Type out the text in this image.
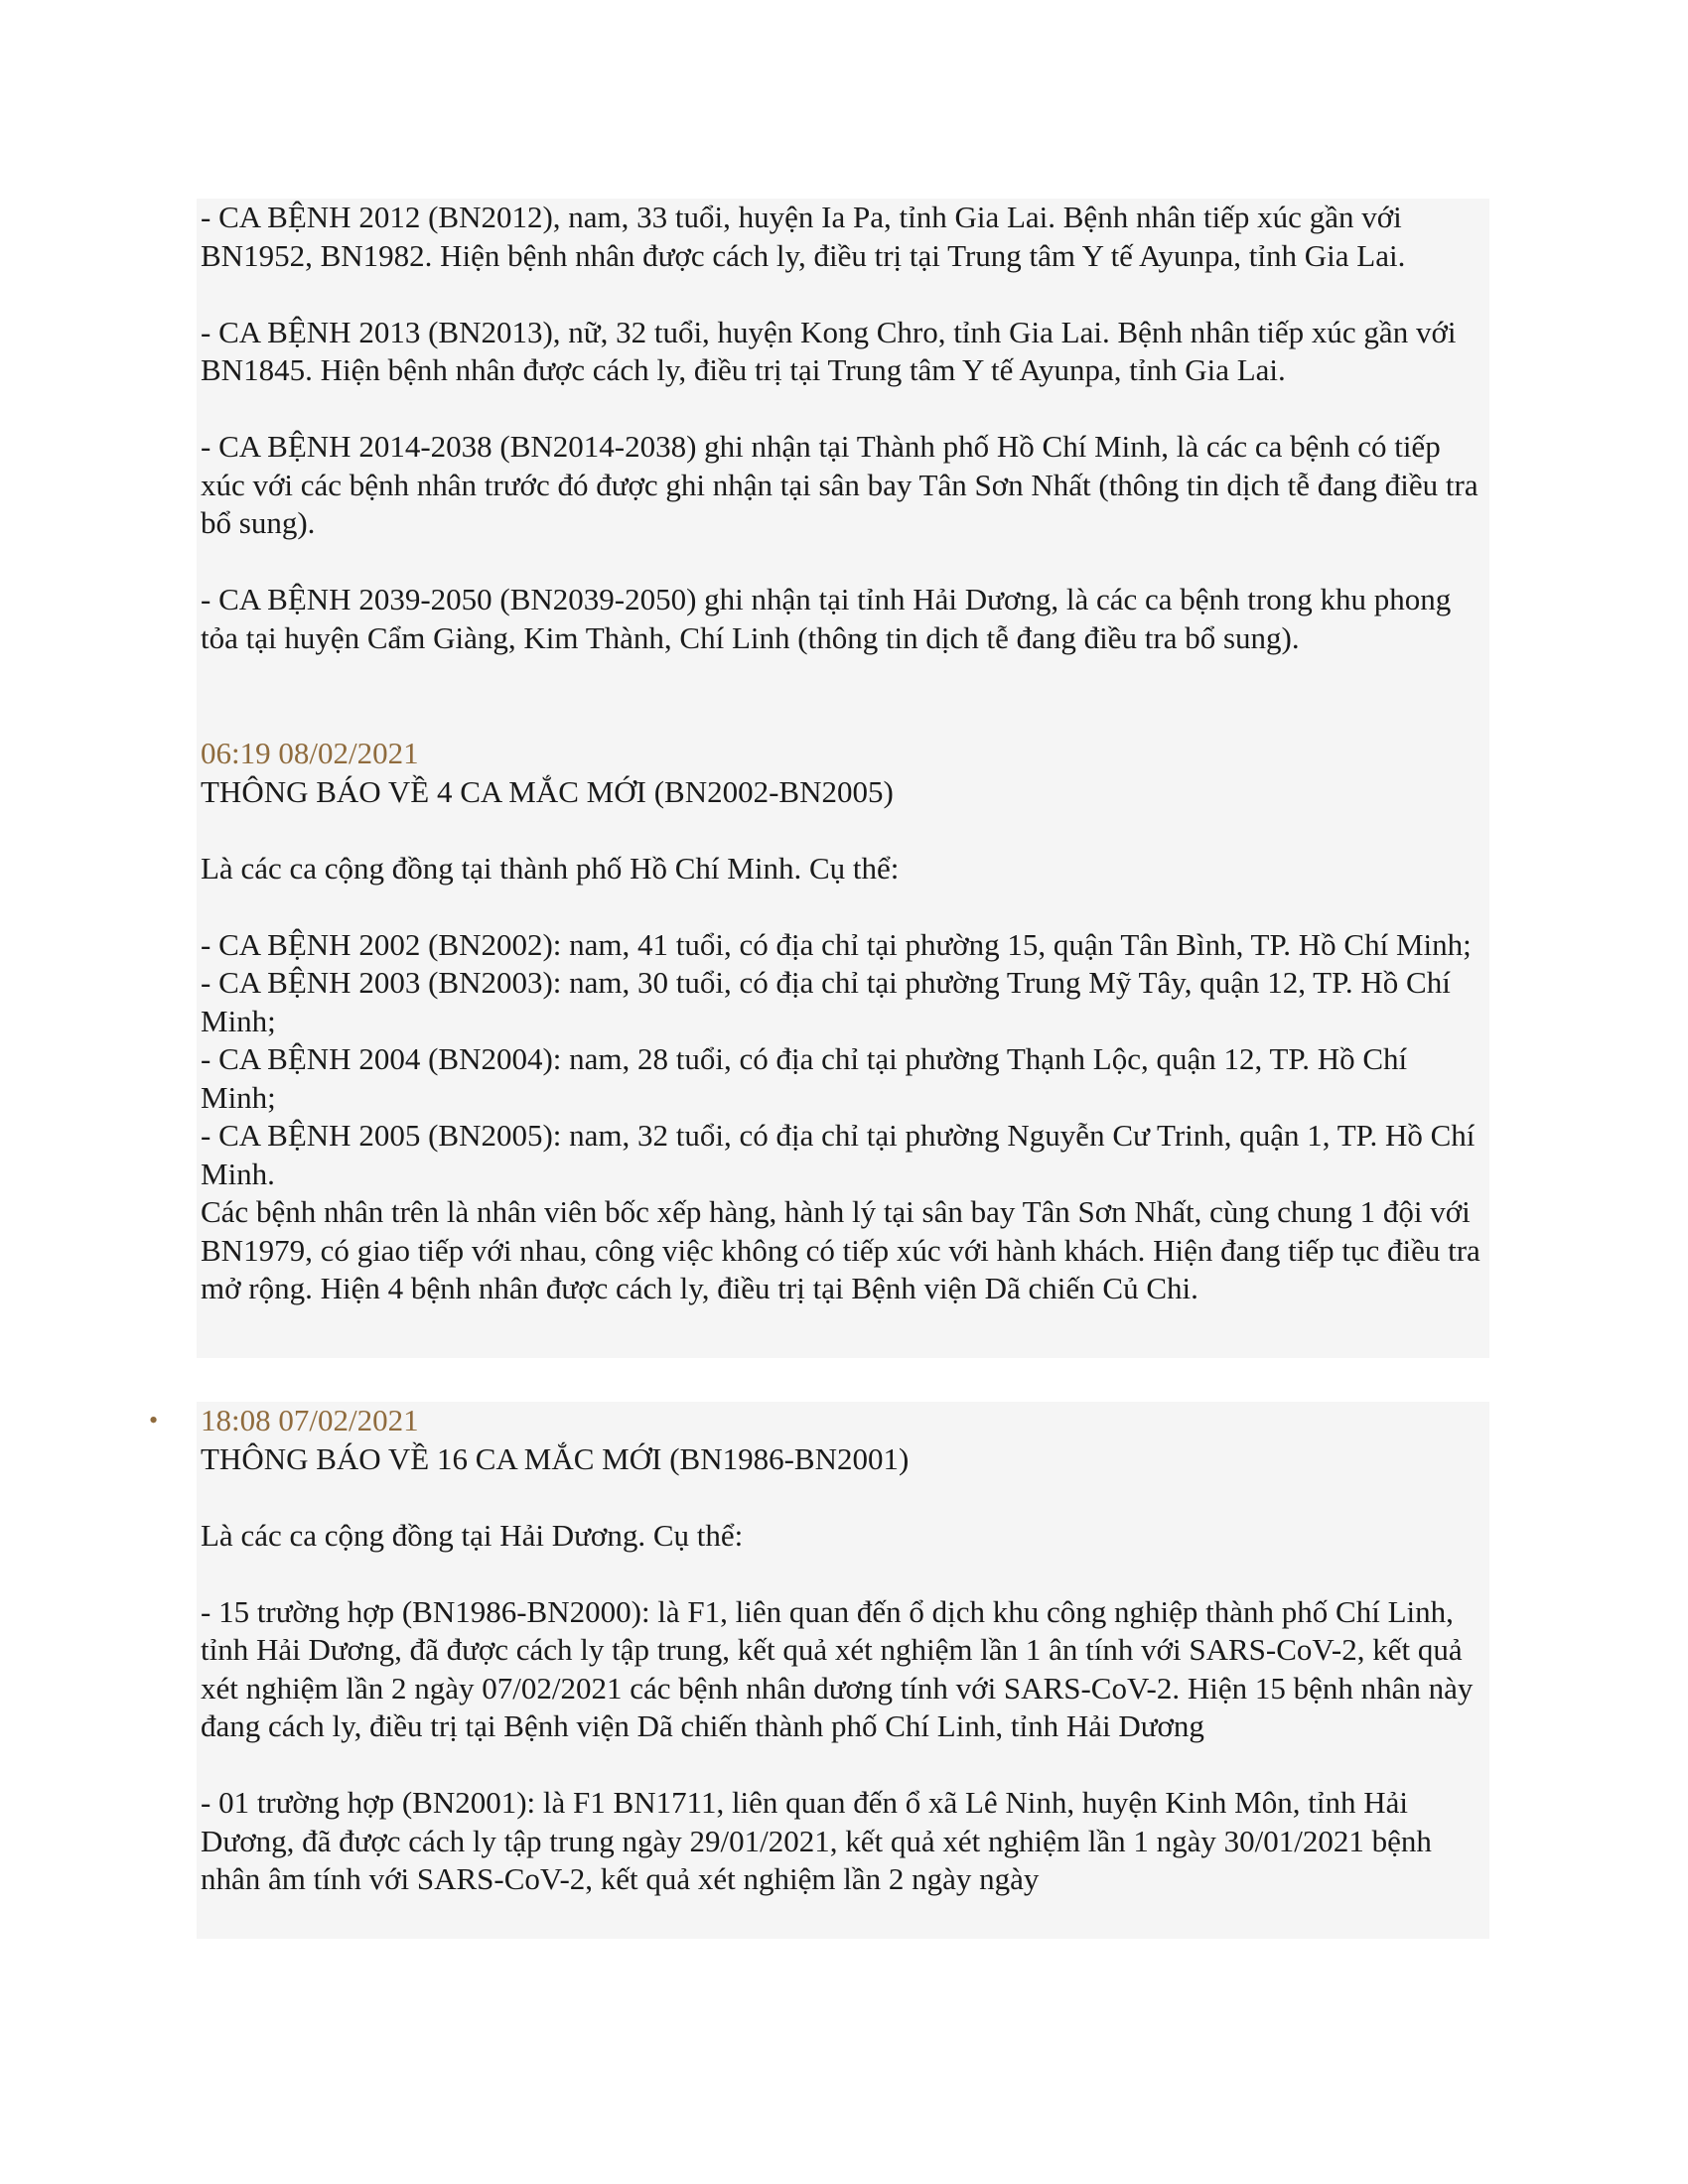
- CA BỆNH 2012 (BN2012), nam, 33 tuổi, huyện Ia Pa, tỉnh Gia Lai. Bệnh nhân tiếp xúc gần với BN1952, BN1982. Hiện bệnh nhân được cách ly, điều trị tại Trung tâm Y tế Ayunpa, tỉnh Gia Lai.

- CA BỆNH 2013 (BN2013), nữ, 32 tuổi, huyện Kong Chro, tỉnh Gia Lai. Bệnh nhân tiếp xúc gần với BN1845. Hiện bệnh nhân được cách ly, điều trị tại Trung tâm Y tế Ayunpa, tỉnh Gia Lai.

- CA BỆNH 2014-2038 (BN2014-2038) ghi nhận tại Thành phố Hồ Chí Minh, là các ca bệnh có tiếp xúc với các bệnh nhân trước đó được ghi nhận tại sân bay Tân Sơn Nhất (thông tin dịch tễ đang điều tra bổ sung).

- CA BỆNH 2039-2050 (BN2039-2050) ghi nhận tại tỉnh Hải Dương, là các ca bệnh trong khu phong tỏa tại huyện Cẩm Giàng, Kim Thành, Chí Linh (thông tin dịch tễ đang điều tra bổ sung).

06:19 08/02/2021
THÔNG BÁO VỀ 4 CA MẮC MỚI (BN2002-BN2005)

Là các ca cộng đồng tại thành phố Hồ Chí Minh. Cụ thể:

- CA BỆNH 2002 (BN2002): nam, 41 tuổi, có địa chỉ tại phường 15, quận Tân Bình, TP. Hồ Chí Minh;

- CA BỆNH 2003 (BN2003): nam, 30 tuổi, có địa chỉ tại phường Trung Mỹ Tây, quận 12, TP. Hồ Chí Minh;

- CA BỆNH 2004 (BN2004): nam, 28 tuổi, có địa chỉ tại phường Thạnh Lộc, quận 12, TP. Hồ Chí Minh;

- CA BỆNH 2005 (BN2005): nam, 32 tuổi, có địa chỉ tại phường Nguyễn Cư Trinh, quận 1, TP. Hồ Chí Minh.

Các bệnh nhân trên là nhân viên bốc xếp hàng, hành lý tại sân bay Tân Sơn Nhất, cùng chung 1 đội với BN1979, có giao tiếp với nhau, công việc không có tiếp xúc với hành khách. Hiện đang tiếp tục điều tra mở rộng. Hiện 4 bệnh nhân được cách ly, điều trị tại Bệnh viện Dã chiến Củ Chi.

• 18:08 07/02/2021
THÔNG BÁO VỀ 16 CA MẮC MỚI (BN1986-BN2001)

Là các ca cộng đồng tại Hải Dương. Cụ thể:

- 15 trường hợp (BN1986-BN2000): là F1, liên quan đến ổ dịch khu công nghiệp thành phố Chí Linh, tỉnh Hải Dương, đã được cách ly tập trung, kết quả xét nghiệm lần 1 ân tính với SARS-CoV-2, kết quả xét nghiệm lần 2 ngày 07/02/2021 các bệnh nhân dương tính với SARS-CoV-2. Hiện 15 bệnh nhân này đang cách ly, điều trị tại Bệnh viện Dã chiến thành phố Chí Linh, tỉnh Hải Dương

- 01 trường hợp (BN2001): là F1 BN1711, liên quan đến ổ xã Lê Ninh, huyện Kinh Môn, tỉnh Hải Dương, đã được cách ly tập trung ngày 29/01/2021, kết quả xét nghiệm lần 1 ngày 30/01/2021 bệnh nhân âm tính với SARS-CoV-2, kết quả xét nghiệm lần 2 ngày ngày
